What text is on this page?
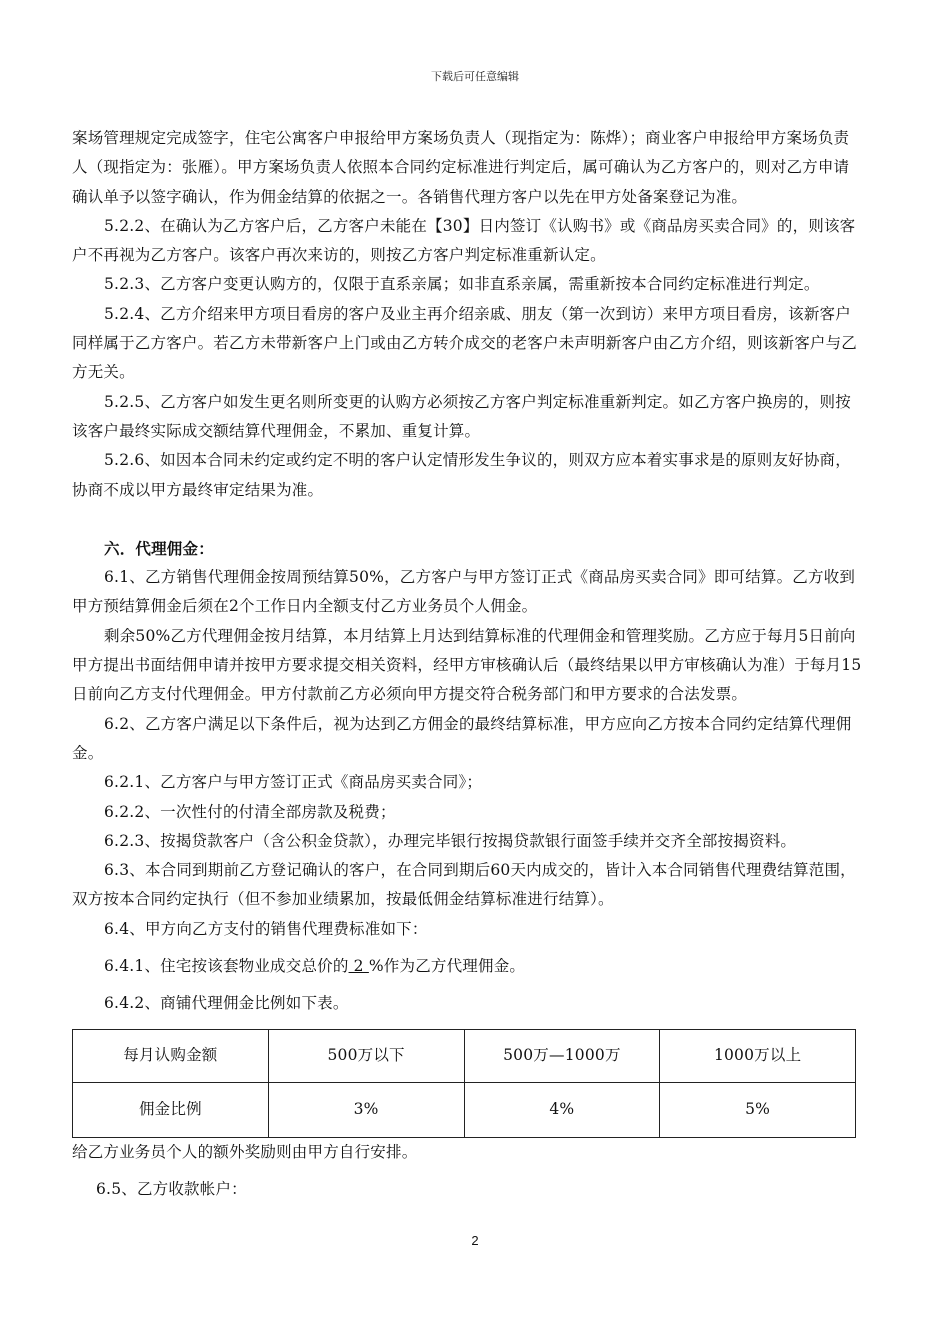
下载后可任意编辑

案场管理规定完成签字，住宅公寓客户申报给甲方案场负责人（现指定为：陈烨）；商业客户申报给甲方案场负责人（现指定为：张雁）。甲方案场负责人依照本合同约定标准进行判定后，属可确认为乙方客户的，则对乙方申请确认单予以签字确认，作为佣金结算的依据之一。各销售代理方客户以先在甲方处备案登记为准。

5.2.2、在确认为乙方客户后，乙方客户未能在【30】日内签订《认购书》或《商品房买卖合同》的，则该客户不再视为乙方客户。该客户再次来访的，则按乙方客户判定标准重新认定。

5.2.3、乙方客户变更认购方的，仅限于直系亲属；如非直系亲属，需重新按本合同约定标准进行判定。

5.2.4、乙方介绍来甲方项目看房的客户及业主再介绍亲戚、朋友（第一次到访）来甲方项目看房，该新客户同样属于乙方客户。若乙方未带新客户上门或由乙方转介成交的老客户未声明新客户由乙方介绍，则该新客户与乙方无关。

5.2.5、乙方客户如发生更名则所变更的认购方必须按乙方客户判定标准重新判定。如乙方客户换房的，则按该客户最终实际成交额结算代理佣金，不累加、重复计算。

5.2.6、如因本合同未约定或约定不明的客户认定情形发生争议的，则双方应本着实事求是的原则友好协商，协商不成以甲方最终审定结果为准。

六．代理佣金：

6.1、乙方销售代理佣金按周预结算50%，乙方客户与甲方签订正式《商品房买卖合同》即可结算。乙方收到甲方预结算佣金后须在2个工作日内全额支付乙方业务员个人佣金。

剩余50%乙方代理佣金按月结算，本月结算上月达到结算标准的代理佣金和管理奖励。乙方应于每月5日前向甲方提出书面结佣申请并按甲方要求提交相关资料，经甲方审核确认后（最终结果以甲方审核确认为准）于每月15日前向乙方支付代理佣金。甲方付款前乙方必须向甲方提交符合税务部门和甲方要求的合法发票。

6.2、乙方客户满足以下条件后，视为达到乙方佣金的最终结算标准，甲方应向乙方按本合同约定结算代理佣金。

6.2.1、乙方客户与甲方签订正式《商品房买卖合同》；

6.2.2、一次性付的付清全部房款及税费；

6.2.3、按揭贷款客户（含公积金贷款），办理完毕银行按揭贷款银行面签手续并交齐全部按揭资料。

6.3、本合同到期前乙方登记确认的客户，在合同到期后60天内成交的，皆计入本合同销售代理费结算范围，双方按本合同约定执行（但不参加业绩累加，按最低佣金结算标准进行结算）。

6.4、甲方向乙方支付的销售代理费标准如下：

6.4.1、住宅按该套物业成交总价的 2 %作为乙方代理佣金。

6.4.2、商铺代理佣金比例如下表。

每月认购金额	500万以下	500万—1000万	1000万以上
佣金比例	3%	4%	5%

给乙方业务员个人的额外奖励则由甲方自行安排。

6.5、乙方收款帐户：

2
